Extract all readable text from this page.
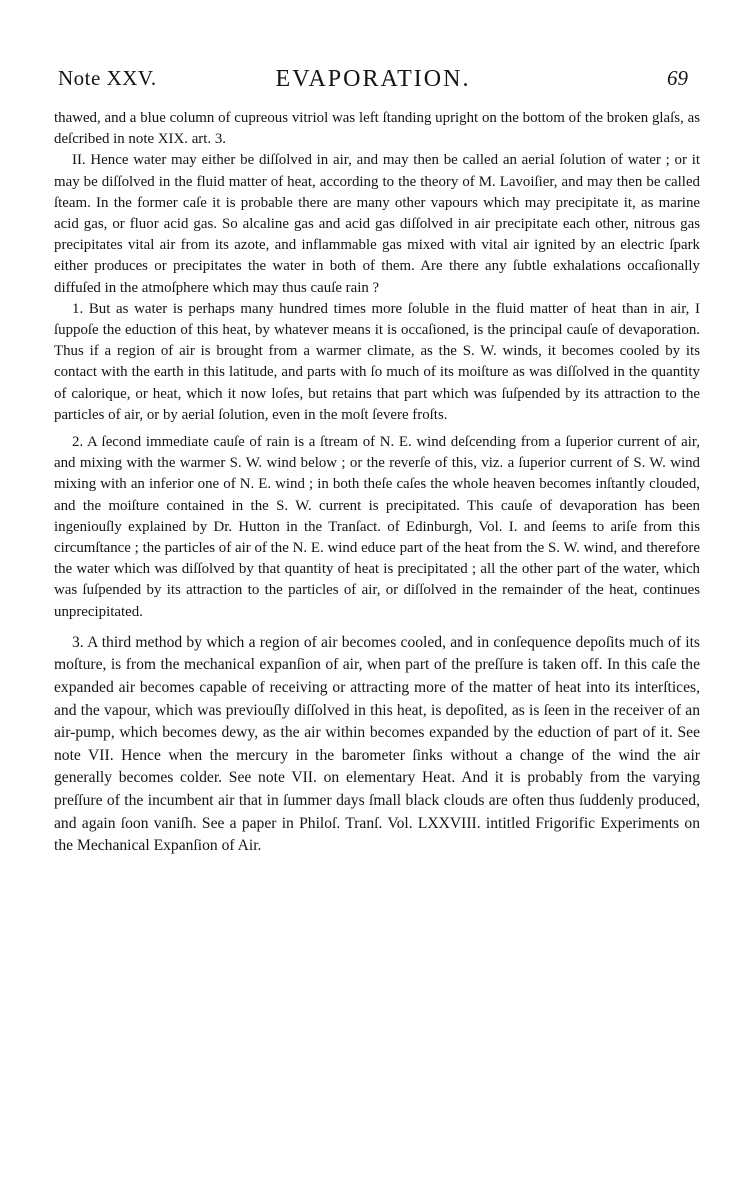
Note XXV.	EVAPORATION.	69

thawed, and a blue column of cupreous vitriol was left ſtanding upright on the bottom of the broken glaſs, as deſcribed in note XIX. art. 3.

II. Hence water may either be diſſolved in air, and may then be called an aerial ſolution of water ; or it may be diſſolved in the fluid matter of heat, according to the theory of M. Lavoiſier, and may then be called ſteam. In the former caſe it is probable there are many other vapours which may precipitate it, as marine acid gas, or fluor acid gas. So alcaline gas and acid gas diſſolved in air precipitate each other, nitrous gas precipitates vital air from its azote, and inflammable gas mixed with vital air ignited by an electric ſpark either produces or precipitates the water in both of them. Are there any ſubtle exhalations occaſionally diffuſed in the atmoſphere which may thus cauſe rain ?

1. But as water is perhaps many hundred times more ſoluble in the fluid matter of heat than in air, I ſuppoſe the eduction of this heat, by whatever means it is occaſioned, is the principal cauſe of devaporation. Thus if a region of air is brought from a warmer climate, as the S. W. winds, it becomes cooled by its contact with the earth in this latitude, and parts with ſo much of its moiſture as was diſſolved in the quantity of calorique, or heat, which it now loſes, but retains that part which was ſuſpended by its attraction to the particles of air, or by aerial ſolution, even in the moſt ſevere froſts.

2. A ſecond immediate cauſe of rain is a ſtream of N. E. wind deſcending from a ſuperior current of air, and mixing with the warmer S. W. wind below ; or the reverſe of this, viz. a ſuperior current of S. W. wind mixing with an inferior one of N. E. wind ; in both theſe caſes the whole heaven becomes inſtantly clouded, and the moiſture contained in the S. W. current is precipitated. This cauſe of devaporation has been ingeniouſly explained by Dr. Hutton in the Tranſact. of Edinburgh, Vol. I. and ſeems to ariſe from this circumſtance ; the particles of air of the N. E. wind educe part of the heat from the S. W. wind, and therefore the water which was diſſolved by that quantity of heat is precipitated ; all the other part of the water, which was ſuſpended by its attraction to the particles of air, or diſſolved in the remainder of the heat, continues unprecipitated.

3. A third method by which a region of air becomes cooled, and in conſequence depoſits much of its moſture, is from the mechanical expanſion of air, when part of the preſſure is taken off. In this caſe the expanded air becomes capable of receiving or attracting more of the matter of heat into its interſtices, and the vapour, which was previouſly diſſolved in this heat, is depoſited, as is ſeen in the receiver of an air-pump, which becomes dewy, as the air within becomes expanded by the eduction of part of it. See note VII. Hence when the mercury in the barometer ſinks without a change of the wind the air generally becomes colder. See note VII. on elementary Heat. And it is probably from the varying preſſure of the incumbent air that in ſummer days ſmall black clouds are often thus ſuddenly produced, and again ſoon vaniſh. See a paper in Philoſ. Tranſ. Vol. LXXVIII. intitled Frigorific Experiments on the Mechanical Expanſion of Air.
